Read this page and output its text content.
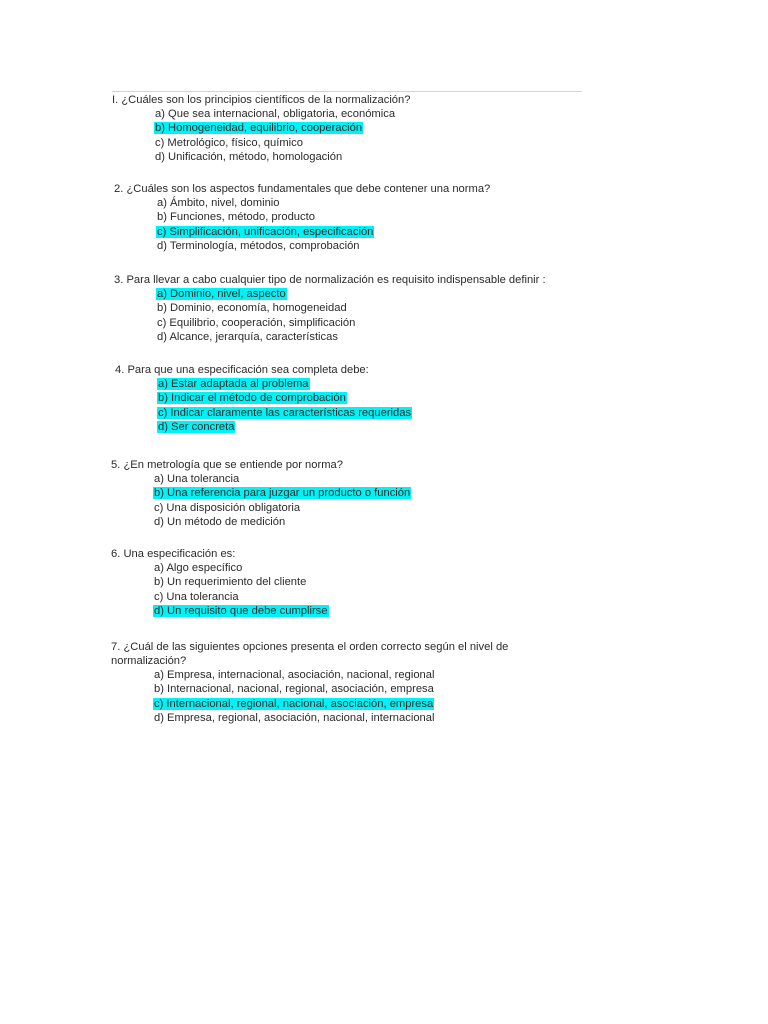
I. ¿Cuáles son los principios científicos de la normalización?
a) Que sea internacional, obligatoria, económica
b) Homogeneidad, equilibrio, cooperación
c) Metrológico, físico, químico
d) Unificación, método, homologación
2. ¿Cuáles son los aspectos fundamentales que debe contener una norma?
a) Ámbito, nivel, dominio
b) Funciones, método, producto
c) Simplificación, unificación, especificación
d) Terminología, métodos, comprobación
3. Para llevar a cabo cualquier tipo de normalización es requisito indispensable definir :
a) Dominio, nivel, aspecto
b) Dominio, economía, homogeneidad
c) Equilibrio, cooperación, simplificación
d) Alcance, jerarquía, características
4. Para que una especificación sea completa debe:
a) Estar adaptada al problema
b) Indicar el método de comprobación
c) Indicar claramente las características requeridas
d) Ser concreta
5. ¿En metrología que se entiende por norma?
a) Una tolerancia
b) Una referencia para juzgar un producto o función
c) Una disposición obligatoria
d) Un método de medición
6. Una especificación es:
a) Algo específico
b) Un requerimiento del cliente
c) Una tolerancia
d) Un requisito que debe cumplirse
7. ¿Cuál de las siguientes opciones presenta el orden correcto según el nivel de normalización?
a) Empresa, internacional, asociación, nacional, regional
b) Internacional, nacional, regional, asociación, empresa
c) Internacional, regional, nacional, asociación, empresa
d) Empresa, regional, asociación, nacional, internacional
